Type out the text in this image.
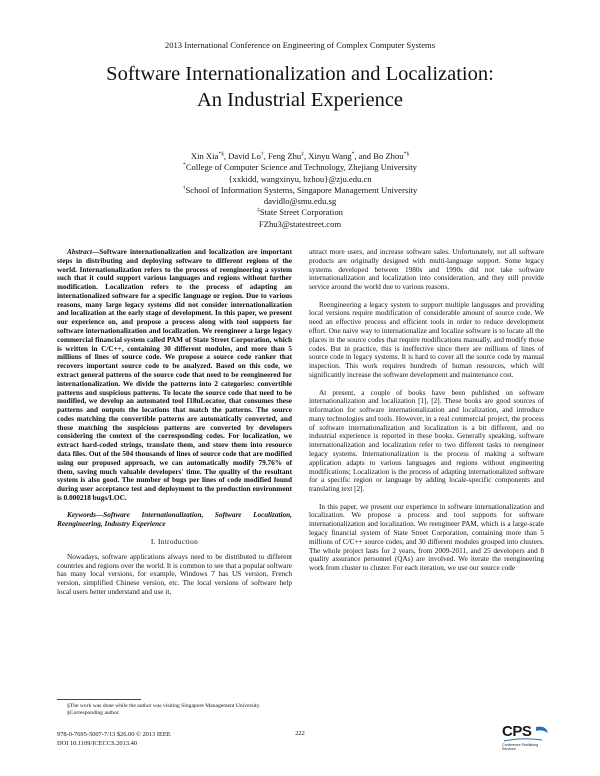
2013 International Conference on Engineering of Complex Computer Systems
Software Internationalization and Localization:
An Industrial Experience
Xin Xia*§, David Lo†, Feng Zhu‡, Xinyu Wang*, and Bo Zhou*§
*College of Computer Science and Technology, Zhejiang University
{xxkidd, wangxinyu, bzhou}@zju.edu.cn
†School of Information Systems, Singapore Management University
davidlo@smu.edu.sg
‡State Street Corporation
FZhu3@statestreet.com

Abstract—Software internationalization and localization are important steps in distributing and deploying software to different regions of the world. Internationalization refers to the process of reengineering a system such that it could support various languages and regions without further modification. Localization refers to the process of adapting an internationalized software for a specific language or region. Due to various reasons, many large legacy systems did not consider internationalization and localization at the early stage of development. In this paper, we present our experience on, and propose a process along with tool supports for software internationalization and localization. We reengineer a large legacy commercial financial system called PAM of State Street Corporation, which is written in C/C++, containing 30 different modules, and more than 5 millions of lines of source code. We propose a source code ranker that recovers important source code to be analyzed. Based on this code, we extract general patterns of the source code that need to be reengineered for internationalization. We divide the patterns into 2 categories: convertible patterns and suspicious patterns. To locate the source code that need to be modified, we develop an automated tool I18nLocator, that consumes these patterns and outputs the locations that match the patterns. The source codes matching the convertible patterns are automatically converted, and those matching the suspicious patterns are converted by developers considering the context of the corresponding codes. For localization, we extract hard-coded strings, translate them, and store them into resource data files. Out of the 504 thousands of lines of source code that are modified using our proposed approach, we can automatically modify 79.76% of them, saving much valuable developers' time. The quality of the resultant system is also good. The number of bugs per lines of code modified found during user acceptance test and deployment to the production environment is 0.000218 bugs/LOC.

Keywords—Software Internationalization, Software Localization, Reengineering, Industry Experience

I. Introduction

Nowadays, software applications always need to be distributed to different countries and regions over the world. It is common to see that a popular software has many local versions, for example, Windows 7 has US version, French version, simplified Chinese version, etc. The local versions of software help local users better understand and use it,

§The work was done while the author was visiting Singapore Management University.
§Corresponding author.

attract more users, and increase software sales. Unfortunately, not all software products are originally designed with multi-language support. Some legacy systems developed between 1980s and 1990s did not take software internationalization and localization into consideration, and they still provide service around the world due to various reasons.

Reengineering a legacy system to support multiple languages and providing local versions require modification of considerable amount of source code. We need an effective process and efficient tools in order to reduce development effort. One naive way to internationalize and localize software is to locate all the places in the source codes that require modifications manually, and modify those codes. But in practice, this is ineffective since there are millions of lines of source code in legacy systems. It is hard to cover all the source code by manual inspection. This work requires hundreds of human resources, which will significantly increase the software development and maintenance cost.

At present, a couple of books have been published on software internationalization and localization [1], [2]. These books are good sources of information for software internationalization and localization, and introduce many technologies and tools. However, in a real commercial project, the process of software internationalization and localization is a bit different, and no industrial experience is reported in these books. Generally speaking, software internationalization and localization refer to two different tasks to reengineer legacy systems. Internationalization is the process of making a software application adapts to various languages and regions without engineering modifications; Localization is the process of adapting internationalized software for a specific region or language by adding locale-specific components and translating text [2].

In this paper, we present our experience in software internationalization and localization. We propose a process and tool supports for software internationalization and localization. We reengineer PAM, which is a large-scale legacy financial system of State Street Corporation, containing more than 5 millions of C/C++ source codes, and 30 different modules grouped into clusters. The whole project lasts for 2 years, from 2009-2011, and 25 developers and 8 quality assurance personnel (QAs) are involved. We iterate the reengineering work from cluster to cluster. For each iteration, we use our source code

978-0-7695-5007-7/13 $26.00 © 2013 IEEE
DOI 10.1109/ICECCS.2013.40
222	CPS
Conference Publishing Services
